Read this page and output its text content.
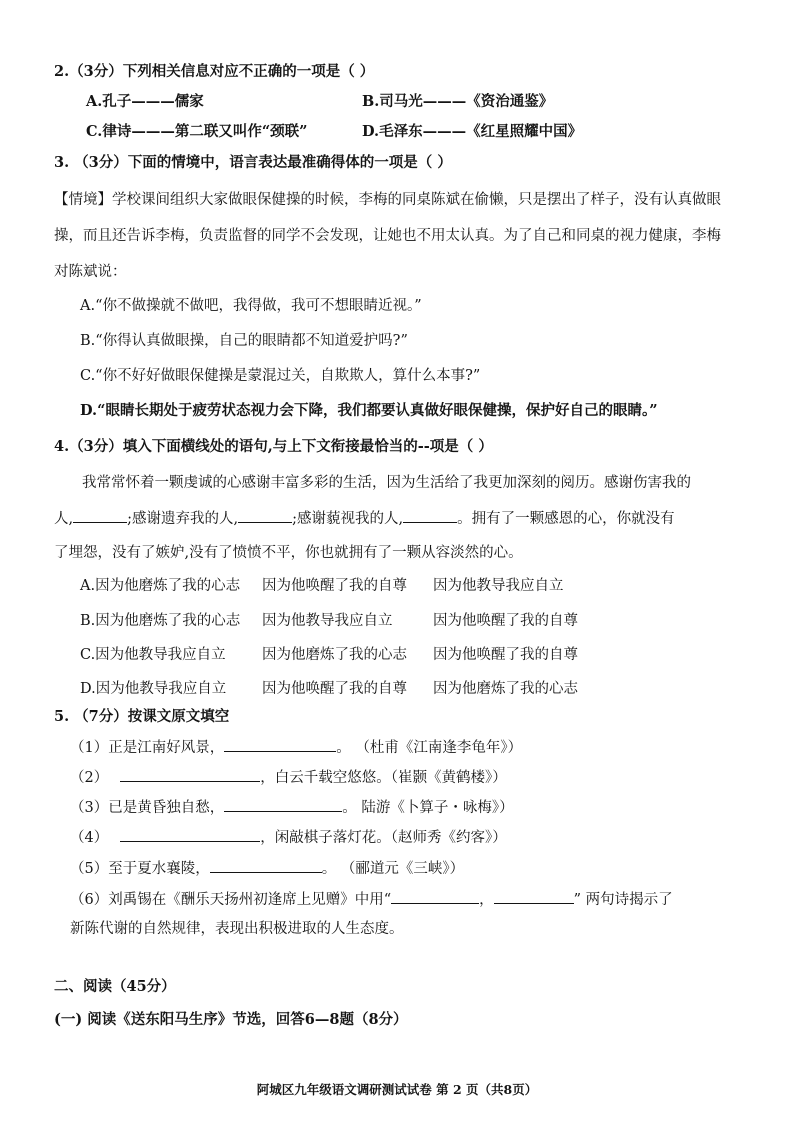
2.（3分）下列相关信息对应不正确的一项是（ ）
A.孔子———儒家	B.司马光———《资治通鉴》
C.律诗———第二联又叫作“颈联”	D.毛泽东———《红星照耀中国》
3. （3分）下面的情境中，语言表达最准确得体的一项是（ ）
【情境】学校课间组织大家做眼保健操的时候，李梅的同桌陈斌在偷懒，只是摆出了样子，没有认真做眼
操，而且还告诉李梅，负责监督的同学不会发现，让她也不用太认真。为了自己和同桌的视力健康，李梅
对陈斌说：
A.“你不做操就不做吧，我得做，我可不想眼睛近视。”
B.“你得认真做眼操，自己的眼睛都不知道爱护吗?”
C.“你不好好做眼保健操是蒙混过关，自欺欺人，算什么本事?”
D.“眼睛长期处于疲劳状态视力会下降，我们都要认真做好眼保健操，保护好自己的眼睛。”
4.（3分）填入下面横线处的语句,与上下文衔接最恰当的--项是（ ）
我常常怀着一颗虔诚的心感谢丰富多彩的生活，因为生活给了我更加深刻的阅历。感谢伤害我的
人,	;感谢遗弃我的人,	;感谢藐视我的人,	。拥有了一颗感恩的心，你就没有
了埋怨，没有了嫉妒,没有了愤愤不平，你也就拥有了一颗从容淡然的心。
A.因为他磨炼了我的心志 因为他唤醒了我的自尊 因为他教导我应自立
B.因为他磨炼了我的心志 因为他教导我应自立	因为他唤醒了我的自尊
C.因为他教导我应自立	因为他磨炼了我的心志 因为他唤醒了我的自尊
D.因为他教导我应自立 因为他唤醒了我的自尊 因为他磨炼了我的心志
5. （7分）按课文原文填空
（1）正是江南好风景，	。 （杜甫《江南逢李龟年》）
（2）	，白云千载空悠悠。（崔颢《黄鹤楼》）
（3）已是黄昏独自愁，	。 陆游《卜算子・咏梅》）
（4）	，闲敲棋子落灯花。（赵师秀《约客》）
（5）至于夏水襄陵，	。 （郦道元《三峡》）
（6）刘禹锡在《酬乐天扬州初逢席上见赠》中用“	，	” 两句诗揭示了
新陈代谢的自然规律，表现出积极进取的人生态度。
二、阅读（45分）
(一) 阅读《送东阳马生序》节选，回答6—8题（8分）
阿城区九年级语文调研测试试卷 第 2 页（共8页）
